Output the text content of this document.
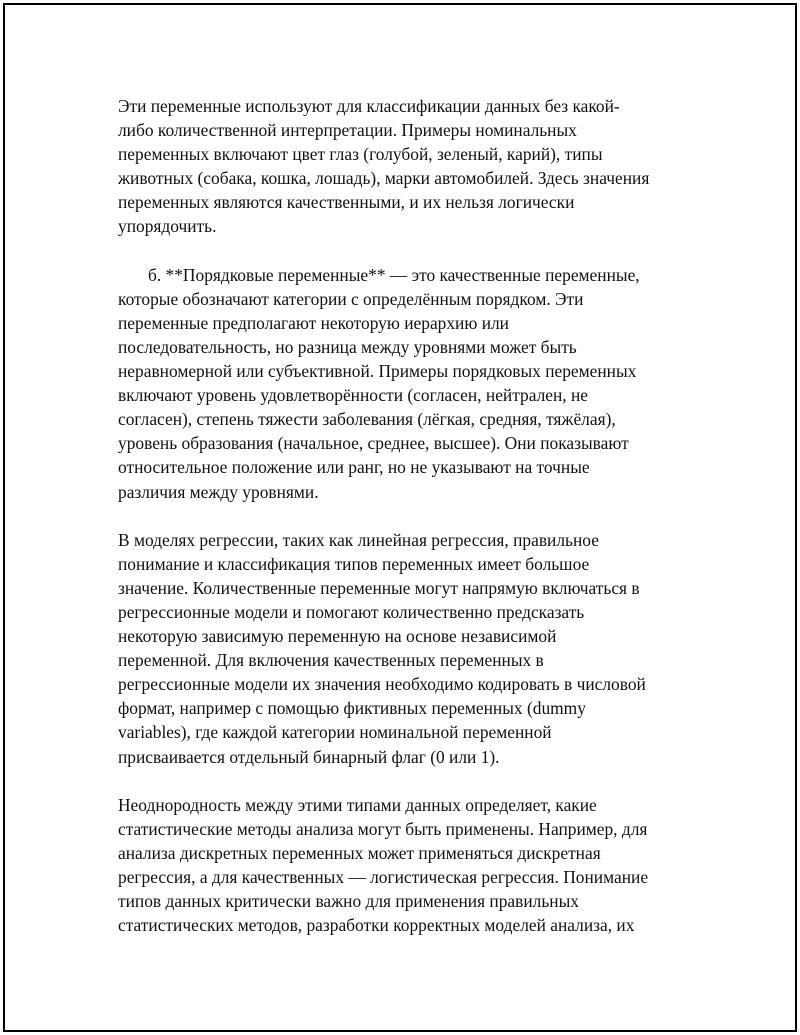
Эти переменные используют для классификации данных без какой-
либо количественной интерпретации. Примеры номинальных
переменных включают цвет глаз (голубой, зеленый, карий), типы
животных (собака, кошка, лошадь), марки автомобилей. Здесь значения
переменных являются качественными, и их нельзя логически
упорядочить.

б. **Порядковые переменные** — это качественные переменные,
которые обозначают категории с определённым порядком. Эти
переменные предполагают некоторую иерархию или
последовательность, но разница между уровнями может быть
неравномерной или субъективной. Примеры порядковых переменных
включают уровень удовлетворённости (согласен, нейтрален, не
согласен), степень тяжести заболевания (лёгкая, средняя, тяжёлая),
уровень образования (начальное, среднее, высшее). Они показывают
относительное положение или ранг, но не указывают на точные
различия между уровнями.

В моделях регрессии, таких как линейная регрессия, правильное
понимание и классификация типов переменных имеет большое
значение. Количественные переменные могут напрямую включаться в
регрессионные модели и помогают количественно предсказать
некоторую зависимую переменную на основе независимой
переменной. Для включения качественных переменных в
регрессионные модели их значения необходимо кодировать в числовой
формат, например с помощью фиктивных переменных (dummy
variables), где каждой категории номинальной переменной
присваивается отдельный бинарный флаг (0 или 1).

Неоднородность между этими типами данных определяет, какие
статистические методы анализа могут быть применены. Например, для
анализа дискретных переменных может применяться дискретная
регрессия, а для качественных — логистическая регрессия. Понимание
типов данных критически важно для применения правильных
статистических методов, разработки корректных моделей анализа, их
